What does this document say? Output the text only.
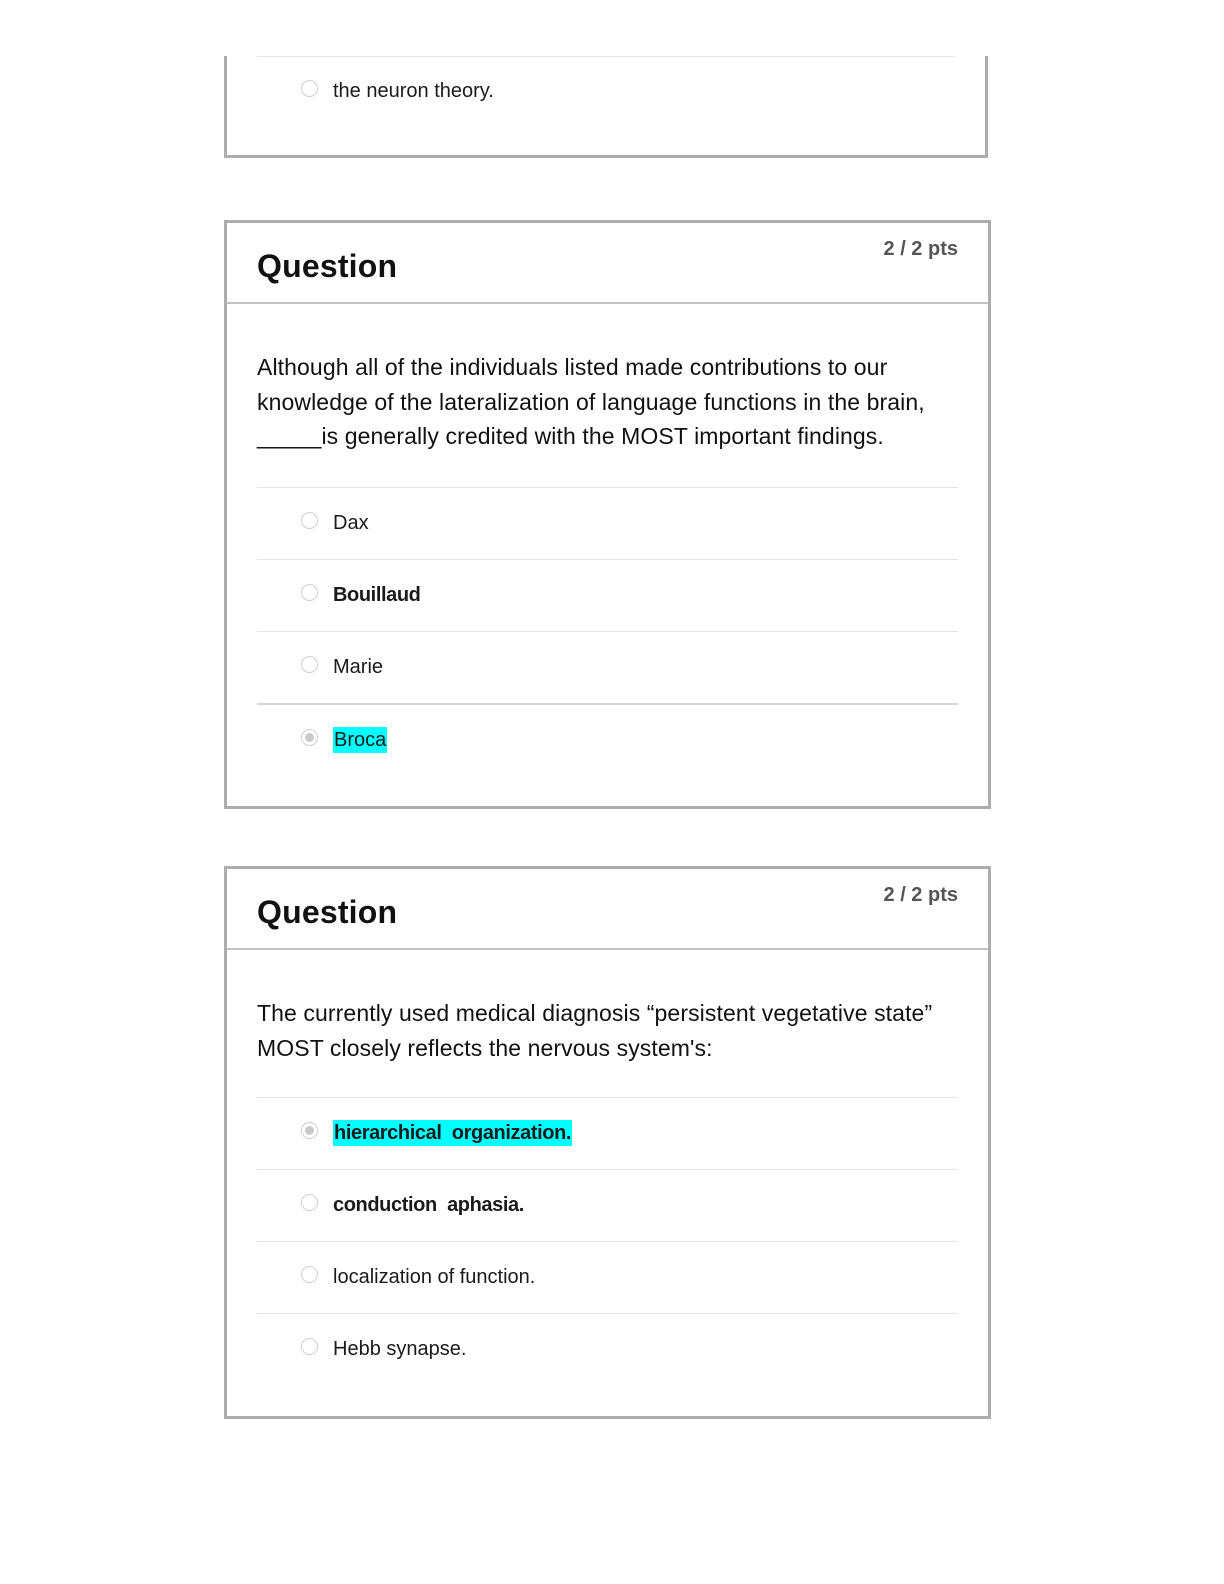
the neuron theory.
Question	2 / 2 pts

Although all of the individuals listed made contributions to our knowledge of the lateralization of language functions in the brain, _____is generally credited with the MOST important findings.

Dax
Bouillaud
Marie
Broca
Question	2 / 2 pts

The currently used medical diagnosis “persistent vegetative state” MOST closely reflects the nervous system's:

hierarchical  organization.
conduction  aphasia.
localization of function.
Hebb synapse.
